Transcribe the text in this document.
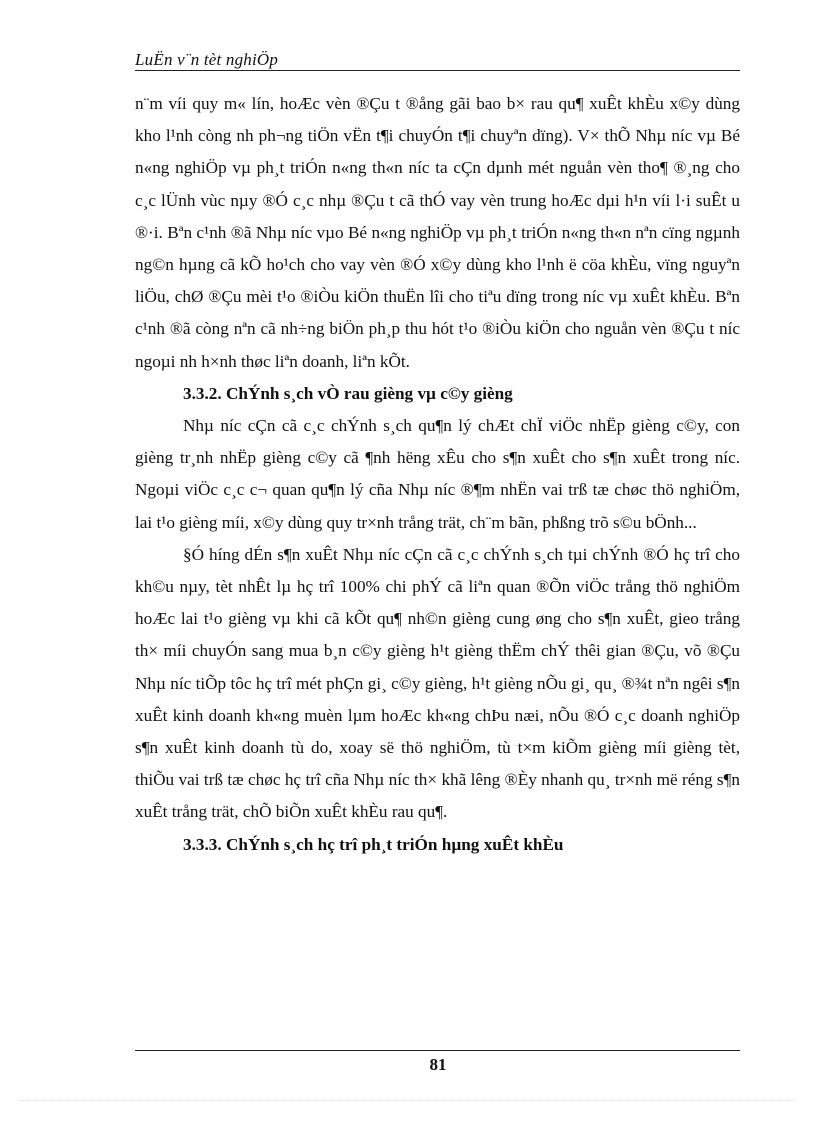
LuËn v¨n tèt nghiÖp

n¨m víi quy m« lín, hoÆc vèn ®Çu t ®ång gãi bao b× rau qu¶ xuÊt khÈu x©y dùng kho l¹nh còng nh ph¬ng tiÖn vËn t¶i chuyÓn t¶i chuyªn dïng). V× thÕ Nhµ níc vµ Bé n«ng nghiÖp vµ ph¸t triÓn n«ng th«n níc ta cÇn dµnh mét nguån vèn tho¶ ®¸ng cho c¸c lÜnh vùc nµy ®Ó c¸c nhµ ®Çu t cã thÓ vay vèn trung hoÆc dµi h¹n víi l·i suÊt u ®·i. Bªn c¹nh ®ã Nhµ níc vµo Bé n«ng nghiÖp vµ ph¸t triÓn n«ng th«n nªn cïng ngµnh ng©n hµng cã kÕ ho¹ch cho vay vèn ®Ó x©y dùng kho l¹nh ë cöa khÈu, vïng nguyªn liÖu, chØ ®Çu mèi t¹o ®iÒu kiÖn thuËn lîi cho tiªu dïng trong níc vµ xuÊt khÈu. Bªn c¹nh ®ã còng nªn cã nh÷ng biÖn ph¸p thu hót t¹o ®iÒu kiÖn cho nguån vèn ®Çu t níc ngoµi nh h×nh thøc liªn doanh, liªn kÕt.

3.3.2. ChÝnh s¸ch vÒ rau gièng vµ c©y gièng

Nhµ níc cÇn cã c¸c chÝnh s¸ch qu¶n lý chÆt chÏ viÖc nhËp gièng c©y, con gièng tr¸nh nhËp gièng c©y cã ¶nh hëng xÊu cho s¶n xuÊt cho s¶n xuÊt trong níc. Ngoµi viÖc c¸c c¬ quan qu¶n lý cña Nhµ níc ®¶m nhËn vai trß tæ chøc thö nghiÖm, lai t¹o gièng míi, x©y dùng quy tr×nh trång trät, ch¨m bãn, phßng trõ s©u bÖnh...

§Ó híng dÉn s¶n xuÊt Nhµ níc cÇn cã c¸c chÝnh s¸ch tµi chÝnh ®Ó hç trî cho kh©u nµy, tèt nhÊt lµ hç trî 100% chi phÝ cã liªn quan ®Õn viÖc trång thö nghiÖm hoÆc lai t¹o gièng vµ khi cã kÕt qu¶ nh©n gièng cung øng cho s¶n xuÊt, gieo trång th× míi chuyÓn sang mua b¸n c©y gièng h¹t gièng thËm chÝ thêi gian ®Çu, võ ®Çu Nhµ níc tiÕp tôc hç trî mét phÇn gi¸ c©y gièng, h¹t gièng nÕu gi¸ qu¸ ®¾t nªn ngêi s¶n xuÊt kinh doanh kh«ng muèn lµm hoÆc kh«ng chÞu næi, nÕu ®Ó c¸c doanh nghiÖp s¶n xuÊt kinh doanh tù do, xoay së thö nghiÖm, tù t×m kiÕm gièng míi gièng tèt, thiÕu vai trß tæ chøc hç trî cña Nhµ níc th× khã lêng ®Èy nhanh qu¸ tr×nh më réng s¶n xuÊt trång trät, chÕ biÕn xuÊt khÈu rau qu¶.

3.3.3. ChÝnh s¸ch hç trî ph¸t triÓn hµng xuÊt khÈu
81
